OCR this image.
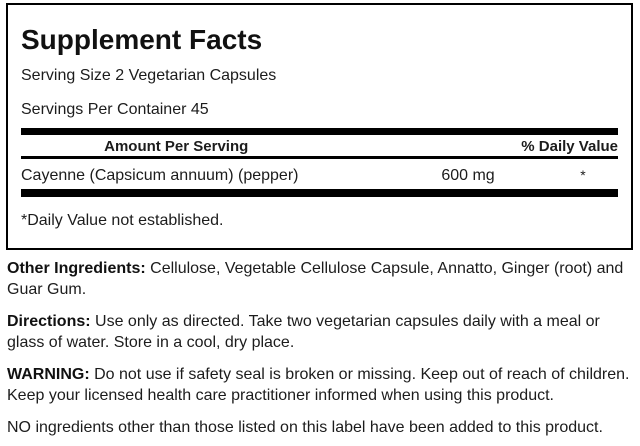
Supplement Facts
Serving Size 2 Vegetarian Capsules
Servings Per Container 45
Amount Per Serving	% Daily Value
Cayenne (Capsicum annuum) (pepper)	600 mg	*
*Daily Value not established.

Other Ingredients: Cellulose, Vegetable Cellulose Capsule, Annatto, Ginger (root) and Guar Gum.

Directions: Use only as directed. Take two vegetarian capsules daily with a meal or glass of water. Store in a cool, dry place.

WARNING: Do not use if safety seal is broken or missing. Keep out of reach of children. Keep your licensed health care practitioner informed when using this product.

NO ingredients other than those listed on this label have been added to this product.
